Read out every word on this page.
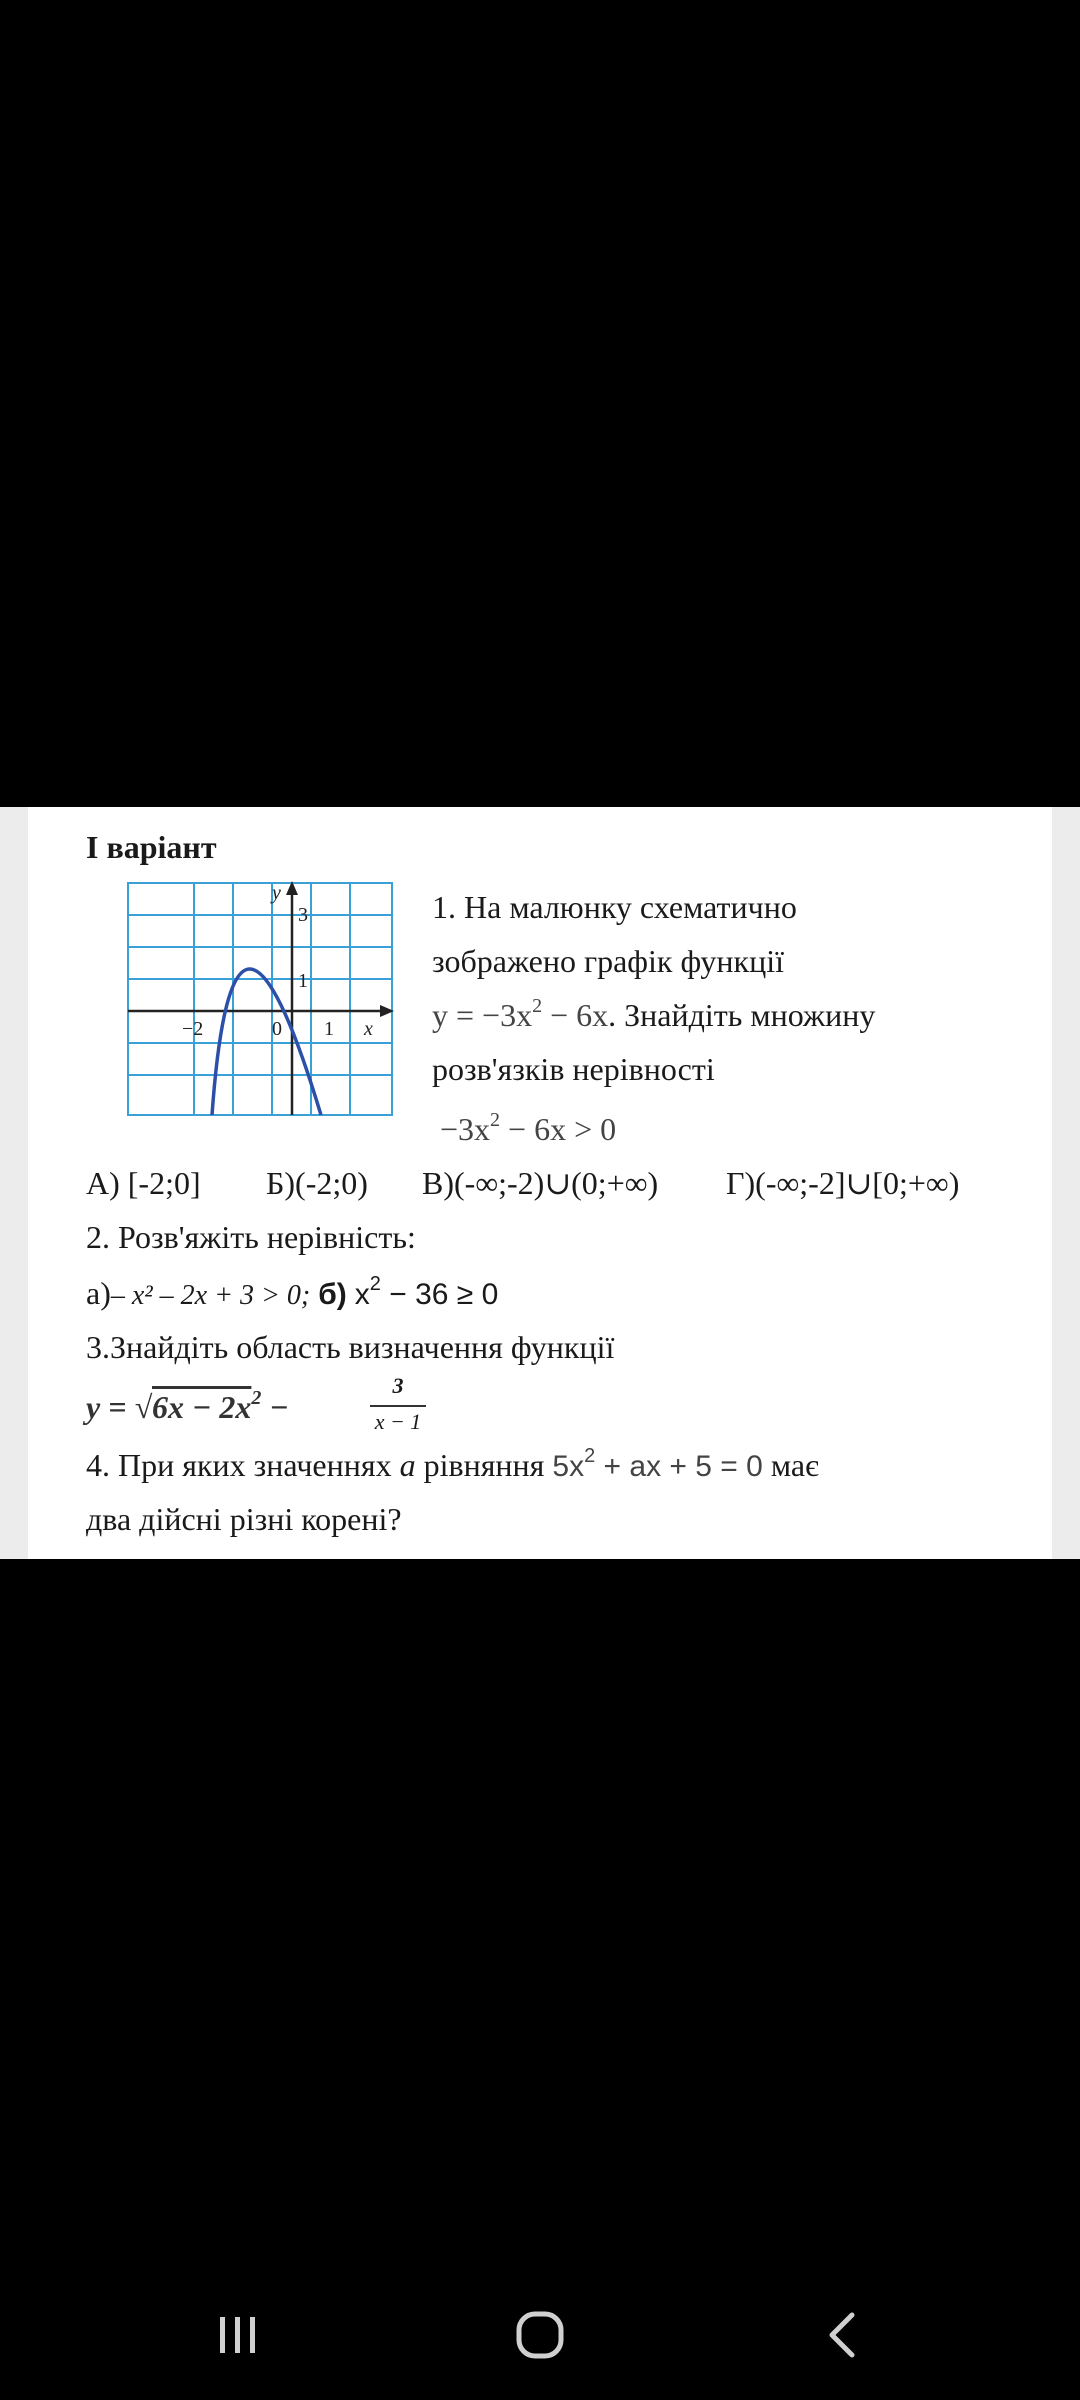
І варіант
y
3
1
−2	0 1 x
1. На малюнку схематично
зображено графік функції
$y = -3x^2 - 6x$. Знайдіть множину
розв'язків нерівності
$-3x^2 - 6x > 0$
А) [-2;0] Б)(-2;0) В)(-∞;-2)∪(0;+∞) Г)(-∞;-2]∪[0;+∞)
2. Розв'яжіть нерівність:
а)– x² – 2x + 3 > 0; б) $x^2 - 36 \ge 0$
3.Знайдіть область визначення функції
$y = √6x - 2x^2$ −
3
x − 1
4. При яких значеннях a рівняння $5x^2$ + ax + 5 = 0 має
два дійсні різні корені?
